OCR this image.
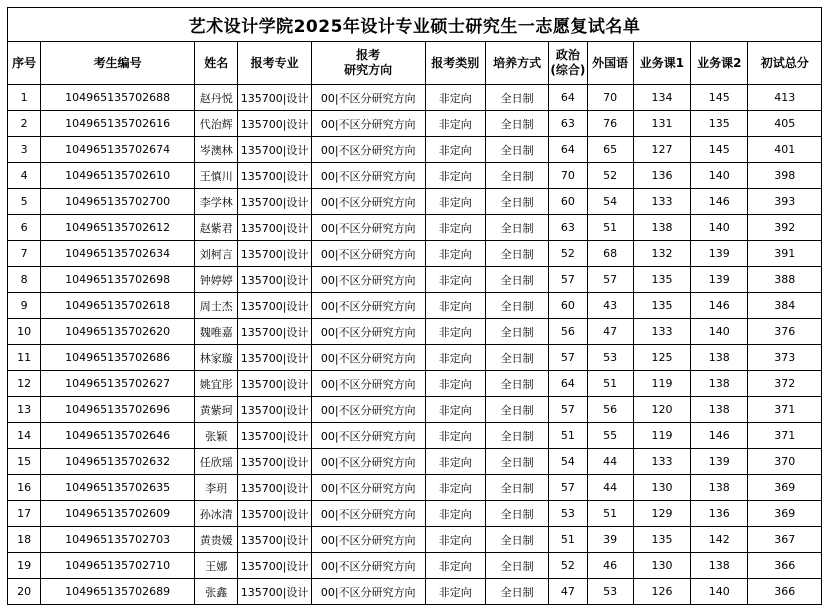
艺术设计学院2025年设计专业硕士研究生一志愿复试名单
序号	考生编号	姓名	报考专业	报考
研究方向	报考类别	培养方式	政治
(综合)	外国语	业务课1	业务课2	初试总分
1	104965135702688	赵丹悦	135700|设计	00|不区分研究方向	非定向	全日制	64	70	134	145	413
2	104965135702616	代治辉	135700|设计	00|不区分研究方向	非定向	全日制	63	76	131	135	405
3	104965135702674	岑澳林	135700|设计	00|不区分研究方向	非定向	全日制	64	65	127	145	401
4	104965135702610	王慎川	135700|设计	00|不区分研究方向	非定向	全日制	70	52	136	140	398
5	104965135702700	李学林	135700|设计	00|不区分研究方向	非定向	全日制	60	54	133	146	393
6	104965135702612	赵紫君	135700|设计	00|不区分研究方向	非定向	全日制	63	51	138	140	392
7	104965135702634	刘柯言	135700|设计	00|不区分研究方向	非定向	全日制	52	68	132	139	391
8	104965135702698	钟婷婷	135700|设计	00|不区分研究方向	非定向	全日制	57	57	135	139	388
9	104965135702618	周士杰	135700|设计	00|不区分研究方向	非定向	全日制	60	43	135	146	384
10	104965135702620	魏唯嘉	135700|设计	00|不区分研究方向	非定向	全日制	56	47	133	140	376
11	104965135702686	林家璇	135700|设计	00|不区分研究方向	非定向	全日制	57	53	125	138	373
12	104965135702627	姚宜彤	135700|设计	00|不区分研究方向	非定向	全日制	64	51	119	138	372
13	104965135702696	黄紫珂	135700|设计	00|不区分研究方向	非定向	全日制	57	56	120	138	371
14	104965135702646	张颖	135700|设计	00|不区分研究方向	非定向	全日制	51	55	119	146	371
15	104965135702632	任欣瑶	135700|设计	00|不区分研究方向	非定向	全日制	54	44	133	139	370
16	104965135702635	李玥	135700|设计	00|不区分研究方向	非定向	全日制	57	44	130	138	369
17	104965135702609	孙冰清	135700|设计	00|不区分研究方向	非定向	全日制	53	51	129	136	369
18	104965135702703	黄贵媛	135700|设计	00|不区分研究方向	非定向	全日制	51	39	135	142	367
19	104965135702710	王娜	135700|设计	00|不区分研究方向	非定向	全日制	52	46	130	138	366
20	104965135702689	张鑫	135700|设计	00|不区分研究方向	非定向	全日制	47	53	126	140	366
